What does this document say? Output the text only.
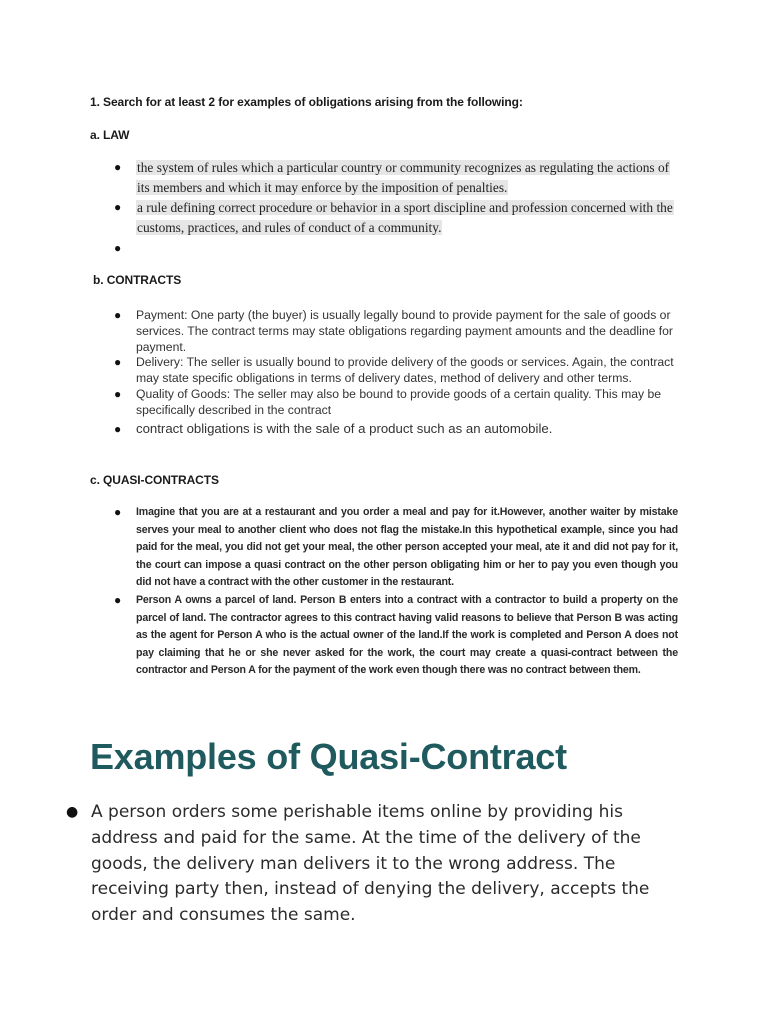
1. Search for at least 2 for examples of obligations arising from the following:
a. LAW
● the system of rules which a particular country or community recognizes as regulating the actions of its members and which it may enforce by the imposition of penalties.
● a rule defining correct procedure or behavior in a sport discipline and profession concerned with the customs, practices, and rules of conduct of a community.
●

b. CONTRACTS
● Payment: One party (the buyer) is usually legally bound to provide payment for the sale of goods or services. The contract terms may state obligations regarding payment amounts and the deadline for payment.
● Delivery: The seller is usually bound to provide delivery of the goods or services. Again, the contract may state specific obligations in terms of delivery dates, method of delivery and other terms.
● Quality of Goods: The seller may also be bound to provide goods of a certain quality. This may be specifically described in the contract
● contract obligations is with the sale of a product such as an automobile.
c. QUASI-CONTRACTS
● Imagine that you are at a restaurant and you order a meal and pay for it.However, another waiter by mistake serves your meal to another client who does not flag the mistake.In this hypothetical example, since you had paid for the meal, you did not get your meal, the other person accepted your meal, ate it and did not pay for it, the court can impose a quasi contract on the other person obligating him or her to pay you even though you did not have a contract with the other customer in the restaurant.
● Person A owns a parcel of land. Person B enters into a contract with a contractor to build a property on the parcel of land. The contractor agrees to this contract having valid reasons to believe that Person B was acting as the agent for Person A who is the actual owner of the land.If the work is completed and Person A does not pay claiming that he or she never asked for the work, the court may create a quasi-contract between the contractor and Person A for the payment of the work even though there was no contract between them.
Examples of Quasi-Contract
● A person orders some perishable items online by providing his address and paid for the same. At the time of the delivery of the goods, the delivery man delivers it to the wrong address. The receiving party then, instead of denying the delivery, accepts the order and consumes the same.
